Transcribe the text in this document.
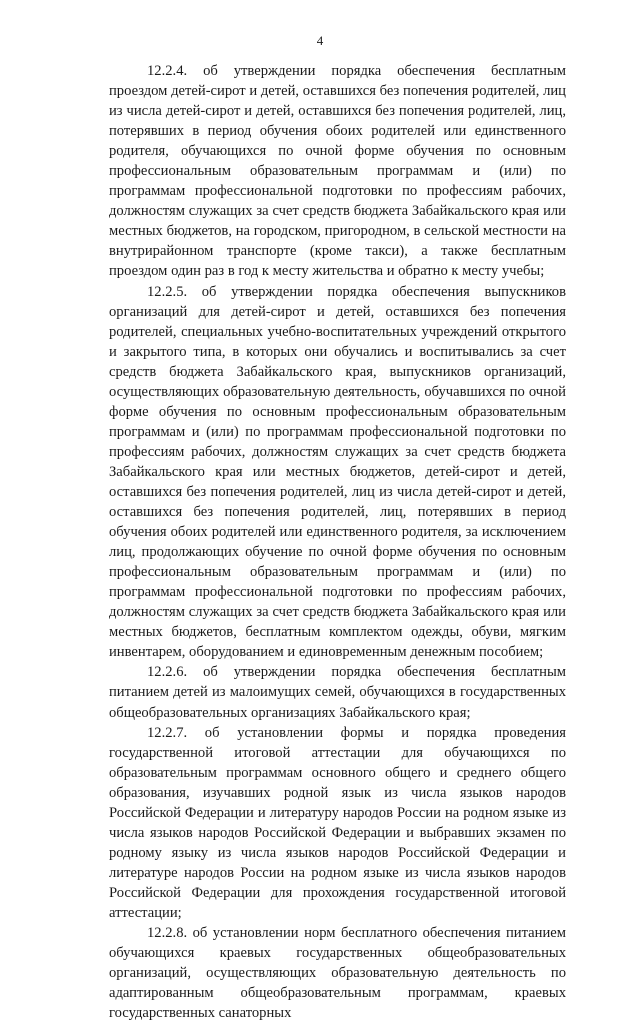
4

12.2.4. об утверждении порядка обеспечения бесплатным проездом детей-сирот и детей, оставшихся без попечения родителей, лиц из числа детей-сирот и детей, оставшихся без попечения родителей, лиц, потерявших в период обучения обоих родителей или единственного родителя, обучающихся по очной форме обучения по основным профессиональным образовательным программам и (или) по программам профессиональной подготовки по профессиям рабочих, должностям служащих за счет средств бюджета Забайкальского края или местных бюджетов, на городском, пригородном, в сельской местности на внутрирайонном транспорте (кроме такси), а также бесплатным проездом один раз в год к месту жительства и обратно к месту учебы;

12.2.5. об утверждении порядка обеспечения выпускников организаций для детей-сирот и детей, оставшихся без попечения родителей, специальных учебно-воспитательных учреждений открытого и закрытого типа, в которых они обучались и воспитывались за счет средств бюджета Забайкальского края, выпускников организаций, осуществляющих образовательную деятельность, обучавшихся по очной форме обучения по основным профессиональным образовательным программам и (или) по программам профессиональной подготовки по профессиям рабочих, должностям служащих за счет средств бюджета Забайкальского края или местных бюджетов, детей-сирот и детей, оставшихся без попечения родителей, лиц из числа детей-сирот и детей, оставшихся без попечения родителей, лиц, потерявших в период обучения обоих родителей или единственного родителя, за исключением лиц, продолжающих обучение по очной форме обучения по основным профессиональным образовательным программам и (или) по программам профессиональной подготовки по профессиям рабочих, должностям служащих за счет средств бюджета Забайкальского края или местных бюджетов, бесплатным комплектом одежды, обуви, мягким инвентарем, оборудованием и единовременным денежным пособием;

12.2.6. об утверждении порядка обеспечения бесплатным питанием детей из малоимущих семей, обучающихся в государственных общеобразовательных организациях Забайкальского края;

12.2.7. об установлении формы и порядка проведения государственной итоговой аттестации для обучающихся по образовательным программам основного общего и среднего общего образования, изучавших родной язык из числа языков народов Российской Федерации и литературу народов России на родном языке из числа языков народов Российской Федерации и выбравших экзамен по родному языку из числа языков народов Российской Федерации и литературе народов России на родном языке из числа языков народов Российской Федерации для прохождения государственной итоговой аттестации;

12.2.8. об установлении норм бесплатного обеспечения питанием обучающихся краевых государственных общеобразовательных организаций, осуществляющих образовательную деятельность по адаптированным общеобразовательным программам, краевых государственных санаторных
